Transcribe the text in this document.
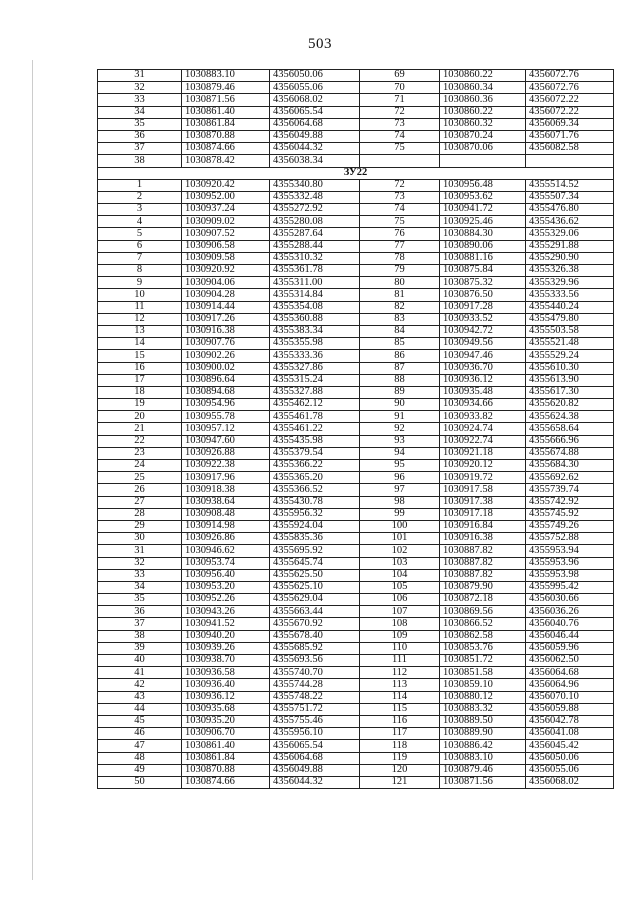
503
31	1030883.10	4356050.06	69	1030860.22	4356072.76
32	1030879.46	4356055.06	70	1030860.34	4356072.76
33	1030871.56	4356068.02	71	1030860.36	4356072.22
34	1030861.40	4356065.54	72	1030860.22	4356072.22
35	1030861.84	4356064.68	73	1030860.32	4356069.34
36	1030870.88	4356049.88	74	1030870.24	4356071.76
37	1030874.66	4356044.32	75	1030870.06	4356082.58
38	1030878.42	4356038.34			
ЗУ22					
1	1030920.42	4355340.80	72	1030956.48	4355514.52
2	1030952.00	4355332.48	73	1030953.62	4355507.34
3	1030937.24	4355272.92	74	1030941.72	4355476.80
4	1030909.02	4355280.08	75	1030925.46	4355436.62
5	1030907.52	4355287.64	76	1030884.30	4355329.06
6	1030906.58	4355288.44	77	1030890.06	4355291.88
7	1030909.58	4355310.32	78	1030881.16	4355290.90
8	1030920.92	4355361.78	79	1030875.84	4355326.38
9	1030904.06	4355311.00	80	1030875.32	4355329.96
10	1030904.28	4355314.84	81	1030876.50	4355333.56
11	1030914.44	4355354.08	82	1030917.28	4355440.24
12	1030917.26	4355360.88	83	1030933.52	4355479.80
13	1030916.38	4355383.34	84	1030942.72	4355503.58
14	1030907.76	4355355.98	85	1030949.56	4355521.48
15	1030902.26	4355333.36	86	1030947.46	4355529.24
16	1030900.02	4355327.86	87	1030936.70	4355610.30
17	1030896.64	4355315.24	88	1030936.12	4355613.90
18	1030894.68	4355327.88	89	1030935.48	4355617.30
19	1030954.96	4355462.12	90	1030934.66	4355620.82
20	1030955.78	4355461.78	91	1030933.82	4355624.38
21	1030957.12	4355461.22	92	1030924.74	4355658.64
22	1030947.60	4355435.98	93	1030922.74	4355666.96
23	1030926.88	4355379.54	94	1030921.18	4355674.88
24	1030922.38	4355366.22	95	1030920.12	4355684.30
25	1030917.96	4355365.20	96	1030919.72	4355692.62
26	1030918.38	4355366.52	97	1030917.58	4355739.74
27	1030938.64	4355430.78	98	1030917.38	4355742.92
28	1030908.48	4355956.32	99	1030917.18	4355745.92
29	1030914.98	4355924.04	100	1030916.84	4355749.26
30	1030926.86	4355835.36	101	1030916.38	4355752.88
31	1030946.62	4355695.92	102	1030887.82	4355953.94
32	1030953.74	4355645.74	103	1030887.82	4355953.96
33	1030956.40	4355625.50	104	1030887.82	4355953.98
34	1030953.20	4355625.10	105	1030879.90	4355995.42
35	1030952.26	4355629.04	106	1030872.18	4356030.66
36	1030943.26	4355663.44	107	1030869.56	4356036.26
37	1030941.52	4355670.92	108	1030866.52	4356040.76
38	1030940.20	4355678.40	109	1030862.58	4356046.44
39	1030939.26	4355685.92	110	1030853.76	4356059.96
40	1030938.70	4355693.56	111	1030851.72	4356062.50
41	1030936.58	4355740.70	112	1030851.58	4356064.68
42	1030936.40	4355744.28	113	1030859.10	4356064.96
43	1030936.12	4355748.22	114	1030880.12	4356070.10
44	1030935.68	4355751.72	115	1030883.32	4356059.88
45	1030935.20	4355755.46	116	1030889.50	4356042.78
46	1030906.70	4355956.10	117	1030889.90	4356041.08
47	1030861.40	4356065.54	118	1030886.42	4356045.42
48	1030861.84	4356064.68	119	1030883.10	4356050.06
49	1030870.88	4356049.88	120	1030879.46	4356055.06
50	1030874.66	4356044.32	121	1030871.56	4356068.02
